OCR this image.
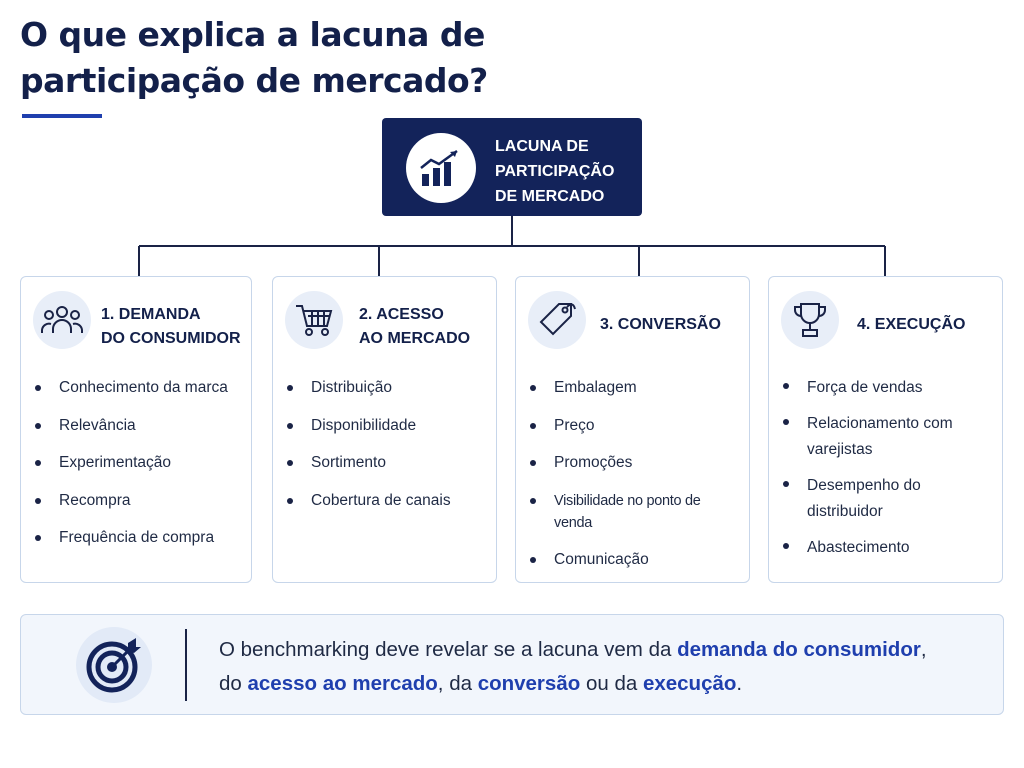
O que explica a lacuna de
participação de mercado?
LACUNA DE
PARTICIPAÇÃO
DE MERCADO
1. DEMANDA
DO CONSUMIDOR
Conhecimento da marca
Relevância
Experimentação
Recompra
Frequência de compra
2. ACESSO
AO MERCADO
Distribuição
Disponibilidade
Sortimento
Cobertura de canais
3. CONVERSÃO
Embalagem
Preço
Promoções
Visibilidade no ponto de venda
Comunicação
4. EXECUÇÃO
Força de vendas
Relacionamento com varejistas
Desempenho do distribuidor
Abastecimento
O benchmarking deve revelar se a lacuna vem da demanda do consumidor,
do acesso ao mercado, da conversão ou da execução.
